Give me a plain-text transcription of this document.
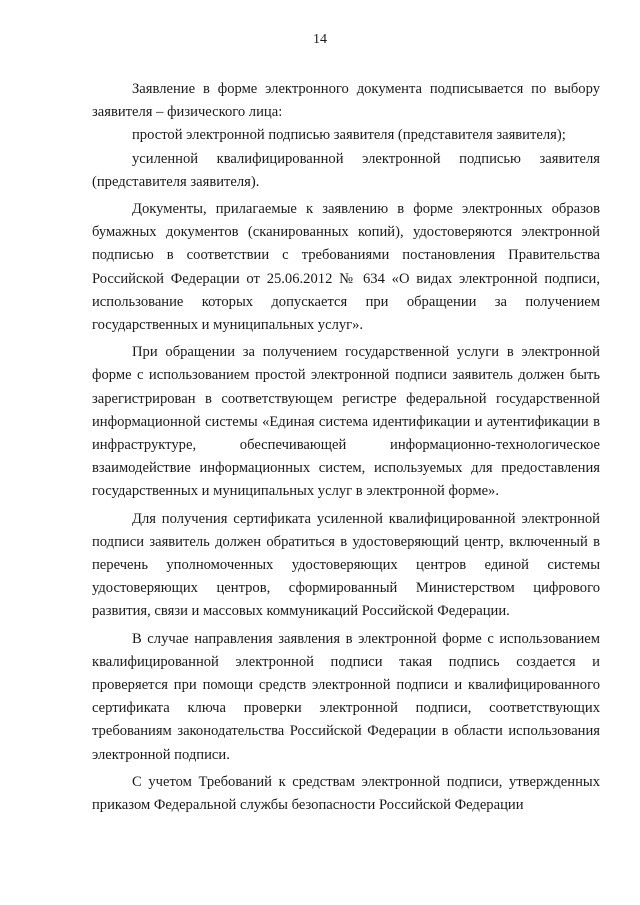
14

Заявление в форме электронного документа подписывается по выбору заявителя – физического лица:

простой электронной подписью заявителя (представителя заявителя);

усиленной квалифицированной электронной подписью заявителя (представителя заявителя).

Документы, прилагаемые к заявлению в форме электронных образов бумажных документов (сканированных копий), удостоверяются электронной подписью в соответствии с требованиями постановления Правительства Российской Федерации от 25.06.2012 № 634 «О видах электронной подписи, использование которых допускается при обращении за получением государственных и муниципальных услуг».

При обращении за получением государственной услуги в электронной форме с использованием простой электронной подписи заявитель должен быть зарегистрирован в соответствующем регистре федеральной государственной информационной системы «Единая система идентификации и аутентификации в инфраструктуре, обеспечивающей информационно-технологическое взаимодействие информационных систем, используемых для предоставления государственных и муниципальных услуг в электронной форме».

Для получения сертификата усиленной квалифицированной электронной подписи заявитель должен обратиться в удостоверяющий центр, включенный в перечень уполномоченных удостоверяющих центров единой системы удостоверяющих центров, сформированный Министерством цифрового развития, связи и массовых коммуникаций Российской Федерации.

В случае направления заявления в электронной форме с использованием квалифицированной электронной подписи такая подпись создается и проверяется при помощи средств электронной подписи и квалифицированного сертификата ключа проверки электронной подписи, соответствующих требованиям законодательства Российской Федерации в области использования электронной подписи.

С учетом Требований к средствам электронной подписи, утвержденных приказом Федеральной службы безопасности Российской Федерации
